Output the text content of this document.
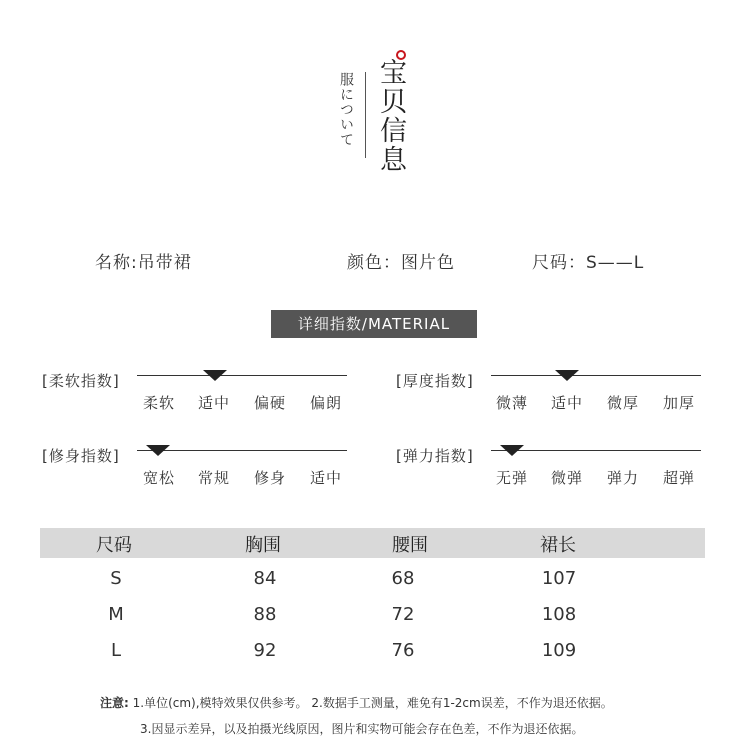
服について 宝贝信息
名称:吊带裙	颜色：图片色	尺码：S——L
详细指数/MATERIAL
[柔软指数]
柔软 适中 偏硬 偏朗
[厚度指数]
微薄 适中 微厚 加厚
[修身指数]
宽松 常规 修身 适中
[弹力指数]
无弹 微弹 弹力 超弹
尺码	胸围	腰围	裙长
S	84	68	107
M	88	72	108
L	92	76	109
注意: 1.单位(cm),模特效果仅供参考。 2.数据手工测量，难免有1-2cm误差，不作为退还依据。
3.因显示差异，以及拍摄光线原因，图片和实物可能会存在色差，不作为退还依据。
